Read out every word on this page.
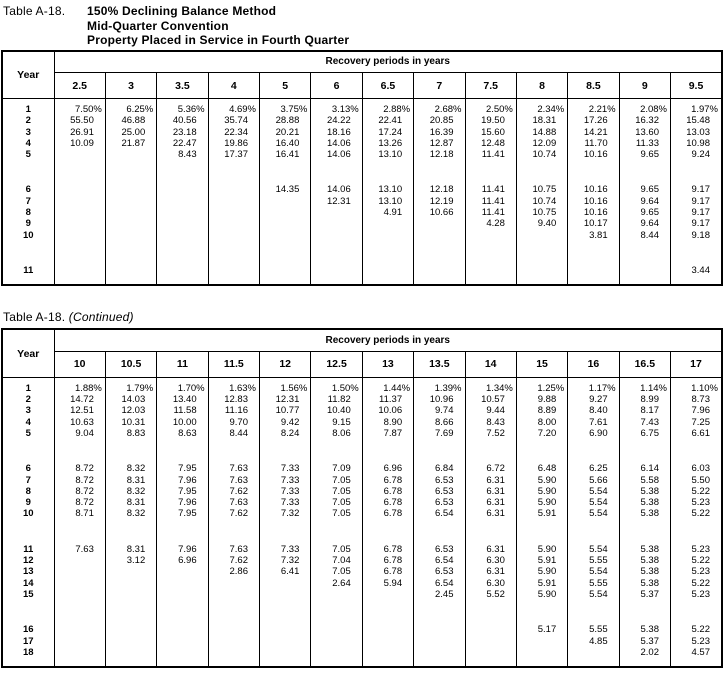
Table A-18.	150% Declining Balance Method
Mid-Quarter Convention
Property Placed in Service in Fourth Quarter
Year	Recovery periods in years												
	2.5	3	3.5	4	5	6	6.5	7	7.5	8	8.5	9	9.5
1	7.50%	6.25%	5.36%	4.69%	3.75%	3.13%	2.88%	2.68%	2.50%	2.34%	2.21%	2.08%	1.97%
2	55.50	46.88	40.56	35.74	28.88	24.22	22.41	20.85	19.50	18.31	17.26	16.32	15.48
3	26.91	25.00	23.18	22.34	20.21	18.16	17.24	16.39	15.60	14.88	14.21	13.60	13.03
4	10.09	21.87	22.47	19.86	16.40	14.06	13.26	12.87	12.48	12.09	11.70	11.33	10.98
5			8.43	17.37	16.41	14.06	13.10	12.18	11.41	10.74	10.16	9.65	9.24

6					14.35	14.06	13.10	12.18	11.41	10.75	10.16	9.65	9.17
7						12.31	13.10	12.19	11.41	10.74	10.16	9.64	9.17
8							4.91	10.66	11.41	10.75	10.16	9.65	9.17
9									4.28	9.40	10.17	9.64	9.17
10											3.81	8.44	9.18

11													3.44
Table A-18. (Continued)
Year	Recovery periods in years												
	10	10.5	11	11.5	12	12.5	13	13.5	14	15	16	16.5	17
1	1.88%	1.79%	1.70%	1.63%	1.56%	1.50%	1.44%	1.39%	1.34%	1.25%	1.17%	1.14%	1.10%
2	14.72	14.03	13.40	12.83	12.31	11.82	11.37	10.96	10.57	9.88	9.27	8.99	8.73
3	12.51	12.03	11.58	11.16	10.77	10.40	10.06	9.74	9.44	8.89	8.40	8.17	7.96
4	10.63	10.31	10.00	9.70	9.42	9.15	8.90	8.66	8.43	8.00	7.61	7.43	7.25
5	9.04	8.83	8.63	8.44	8.24	8.06	7.87	7.69	7.52	7.20	6.90	6.75	6.61

6	8.72	8.32	7.95	7.63	7.33	7.09	6.96	6.84	6.72	6.48	6.25	6.14	6.03
7	8.72	8.31	7.96	7.63	7.33	7.05	6.78	6.53	6.31	5.90	5.66	5.58	5.50
8	8.72	8.32	7.95	7.62	7.33	7.05	6.78	6.53	6.31	5.90	5.54	5.38	5.22
9	8.72	8.31	7.96	7.63	7.33	7.05	6.78	6.53	6.31	5.90	5.54	5.38	5.23
10	8.71	8.32	7.95	7.62	7.32	7.05	6.78	6.54	6.31	5.91	5.54	5.38	5.22

11	7.63	8.31	7.96	7.63	7.33	7.05	6.78	6.53	6.31	5.90	5.54	5.38	5.23
12		3.12	6.96	7.62	7.32	7.04	6.78	6.54	6.30	5.91	5.55	5.38	5.22
13				2.86	6.41	7.05	6.78	6.53	6.31	5.90	5.54	5.38	5.23
14						2.64	5.94	6.54	6.30	5.91	5.55	5.38	5.22
15								2.45	5.52	5.90	5.54	5.37	5.23

16										5.17	5.55	5.38	5.22
17											4.85	5.37	5.23
18												2.02	4.57
